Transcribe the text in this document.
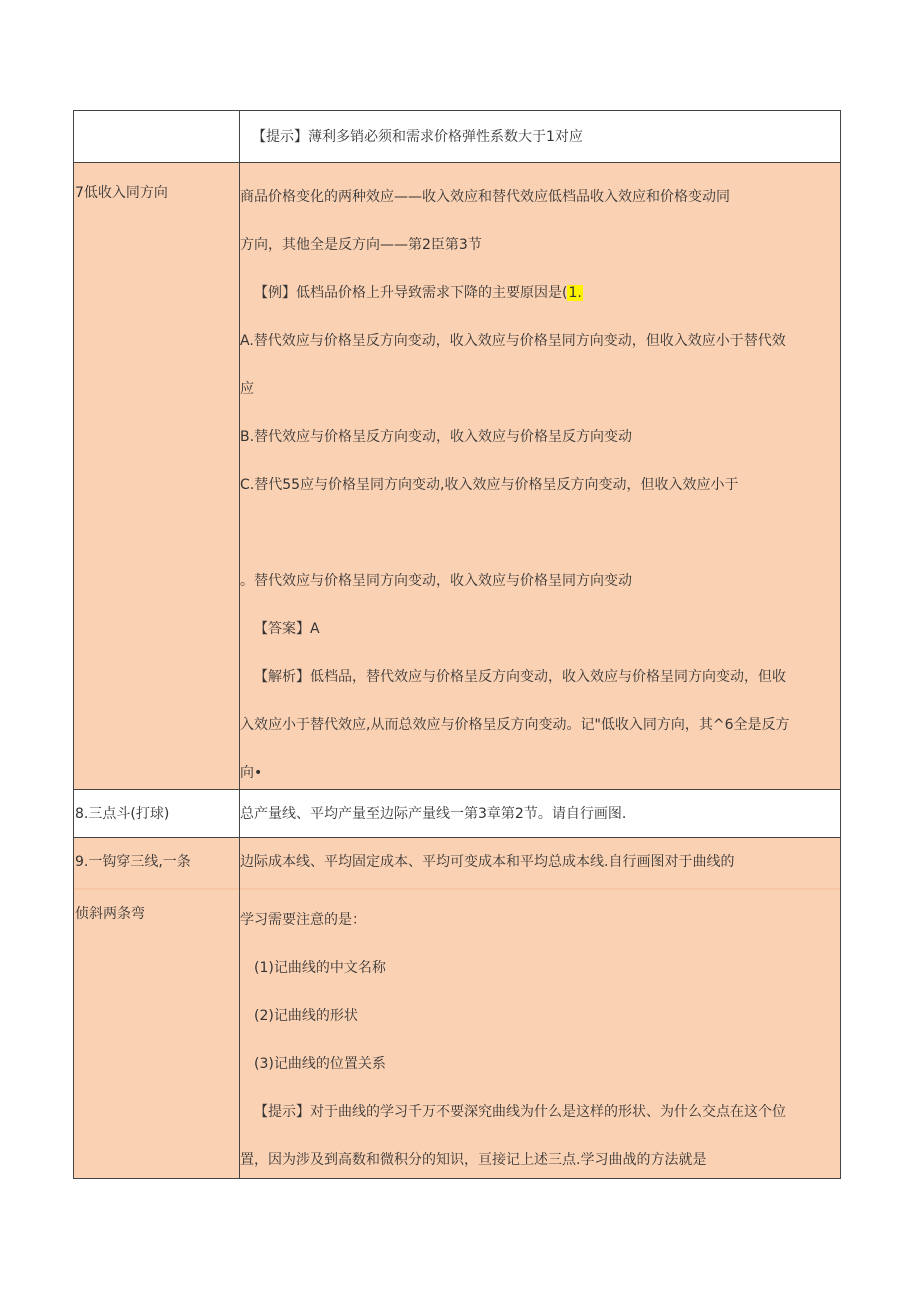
【提示】薄利多销必须和需求价格弹性系数大于1对应
7低收入同方向	商品价格变化的两种效应——收入效应和替代效应低档品收入效应和价格变动同
方向，其他全是反方向——第2臣第3节
【例】低档品价格上升导致需求下降的主要原因是(1.
A.替代效应与价格呈反方向变动，收入效应与价格呈同方向变动，但收入效应小于替代效
应
B.替代效应与价格呈反方向变动，收入效应与价格呈反方向变动
C.替代55应与价格呈同方向变动,收入效应与价格呈反方向变动，但收入效应小于
。替代效应与价格呈同方向变动，收入效应与价格呈同方向变动
【答案】A
【解析】低档品，替代效应与价格呈反方向变动，收入效应与价格呈同方向变动，但收
入效应小于替代效应,从而总效应与价格呈反方向变动。记"低收入同方向，其^6全是反方
向•
8.三点斗(打球)	总产量线、平均产量至边际产量线一第3章第2节。请自行画图.
9.一钩穿三线,一条
侦斜两条弯
边际成本线、平均固定成本、平均可变成本和平均总成本线.自行画图对于曲线的
学习需要注意的是：
(1)记曲线的中文名称
(2)记曲线的形状
(3)记曲线的位置关系
【提示】对于曲线的学习千万不要深究曲线为什么是这样的形状、为什么交点在这个位
置，因为涉及到高数和微积分的知识，亘接记上述三点.学习曲战的方法就是
